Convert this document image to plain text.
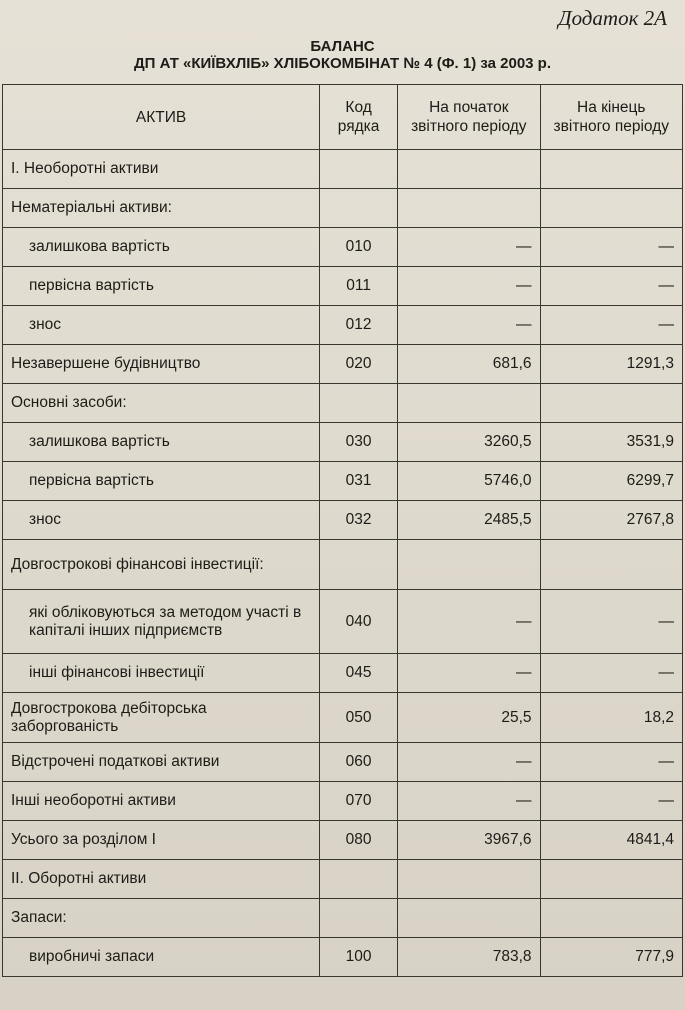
Додаток 2А
БАЛАНС
ДП АТ «КИЇВХЛІБ» ХЛІБОКОМБІНАТ № 4 (Ф. 1) за 2003 р.
АКТИВ	Код рядка	На початок звітного періоду	На кінець звітного періоду
I. Необоротні активи			
Нематеріальні активи:			
залишкова вартість	010	—	—
первісна вартість	011	—	—
знос	012	—	—
Незавершене будівництво	020	681,6	1291,3
Основні засоби:			
залишкова вартість	030	3260,5	3531,9
первісна вартість	031	5746,0	6299,7
знос	032	2485,5	2767,8
Довгострокові фінансові інвестиції:			
які обліковуються за методом участі в капіталі інших підприємств	040	—	—
інші фінансові інвестиції	045	—	—
Довгострокова дебіторська заборгованість	050	25,5	18,2
Відстрочені податкові активи	060	—	—
Інші необоротні активи	070	—	—
Усього за розділом I	080	3967,6	4841,4
II. Оборотні активи			
Запаси:			
виробничі запаси	100	783,8	777,9
